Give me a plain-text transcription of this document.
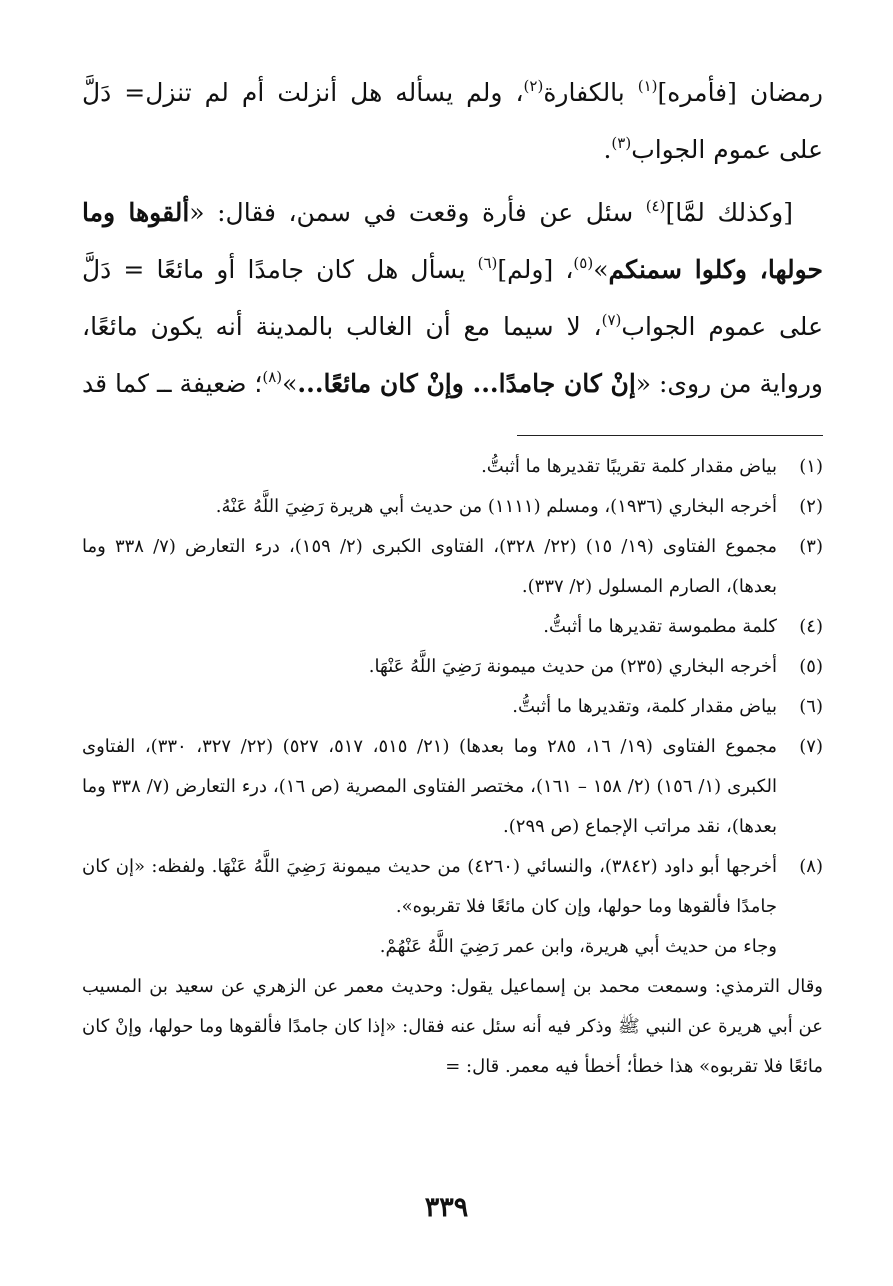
رمضان [فأمره]$^{(١)}$ بالكفارة$^{(٢)}$، ولم يسأله هل أنزلت أم لم تنزل= دَلَّ على عموم الجواب$^{(٣)}$.

[وكذلك لمَّا]$^{(٤)}$ سئل عن فأرة وقعت في سمن، فقال: «ألقوها وما حولها، وكلوا سمنكم»$^{(٥)}$، [ولم]$^{(٦)}$ يسأل هل كان جامدًا أو مائعًا = دَلَّ على عموم الجواب$^{(٧)}$، لا سيما مع أن الغالب بالمدينة أنه يكون مائعًا، ورواية من روى: «إنْ كان جامدًا... وإنْ كان مائعًا...»$^{(٨)}$؛ ضعيفة ــ كما قد

(١)
بياض مقدار كلمة تقريبًا تقديرها ما أثبتُّ.
(٢)
أخرجه البخاري (١٩٣٦)، ومسلم (١١١١) من حديث أبي هريرة رَضِيَ اللَّهُ عَنْهُ.
(٣)
مجموع الفتاوى (١٩/ ١٥) (٢٢/ ٣٢٨)، الفتاوى الكبرى (٢/ ١٥٩)، درء التعارض (٧/ ٣٣٨ وما بعدها)، الصارم المسلول (٢/ ٣٣٧).
(٤)
كلمة مطموسة تقديرها ما أثبتُّ.
(٥)
أخرجه البخاري (٢٣٥) من حديث ميمونة رَضِيَ اللَّهُ عَنْهَا.
(٦)
بياض مقدار كلمة، وتقديرها ما أثبتُّ.
(٧)
مجموع الفتاوى (١٩/ ١٦، ٢٨٥ وما بعدها) (٢١/ ٥١٥، ٥١٧، ٥٢٧) (٢٢/ ٣٢٧، ٣٣٠)، الفتاوى الكبرى (١/ ١٥٦) (٢/ ١٥٨ – ١٦١)، مختصر الفتاوى المصرية (ص ١٦)، درء التعارض (٧/ ٣٣٨ وما بعدها)، نقد مراتب الإجماع (ص ٢٩٩).
(٨)
أخرجها أبو داود (٣٨٤٢)، والنسائي (٤٢٦٠) من حديث ميمونة رَضِيَ اللَّهُ عَنْهَا. ولفظه: «إن كان جامدًا فألقوها وما حولها، وإن كان مائعًا فلا تقربوه».
وجاء من حديث أبي هريرة، وابن عمر رَضِيَ اللَّهُ عَنْهُمْ.
وقال الترمذي: وسمعت محمد بن إسماعيل يقول: وحديث معمر عن الزهري عن سعيد بن المسيب عن أبي هريرة عن النبي ﷺ وذكر فيه أنه سئل عنه فقال: «إذا كان جامدًا فألقوها وما حولها، وإنْ كان مائعًا فلا تقربوه» هذا خطأ؛ أخطأ فيه معمر. قال: =
٣٣٩
